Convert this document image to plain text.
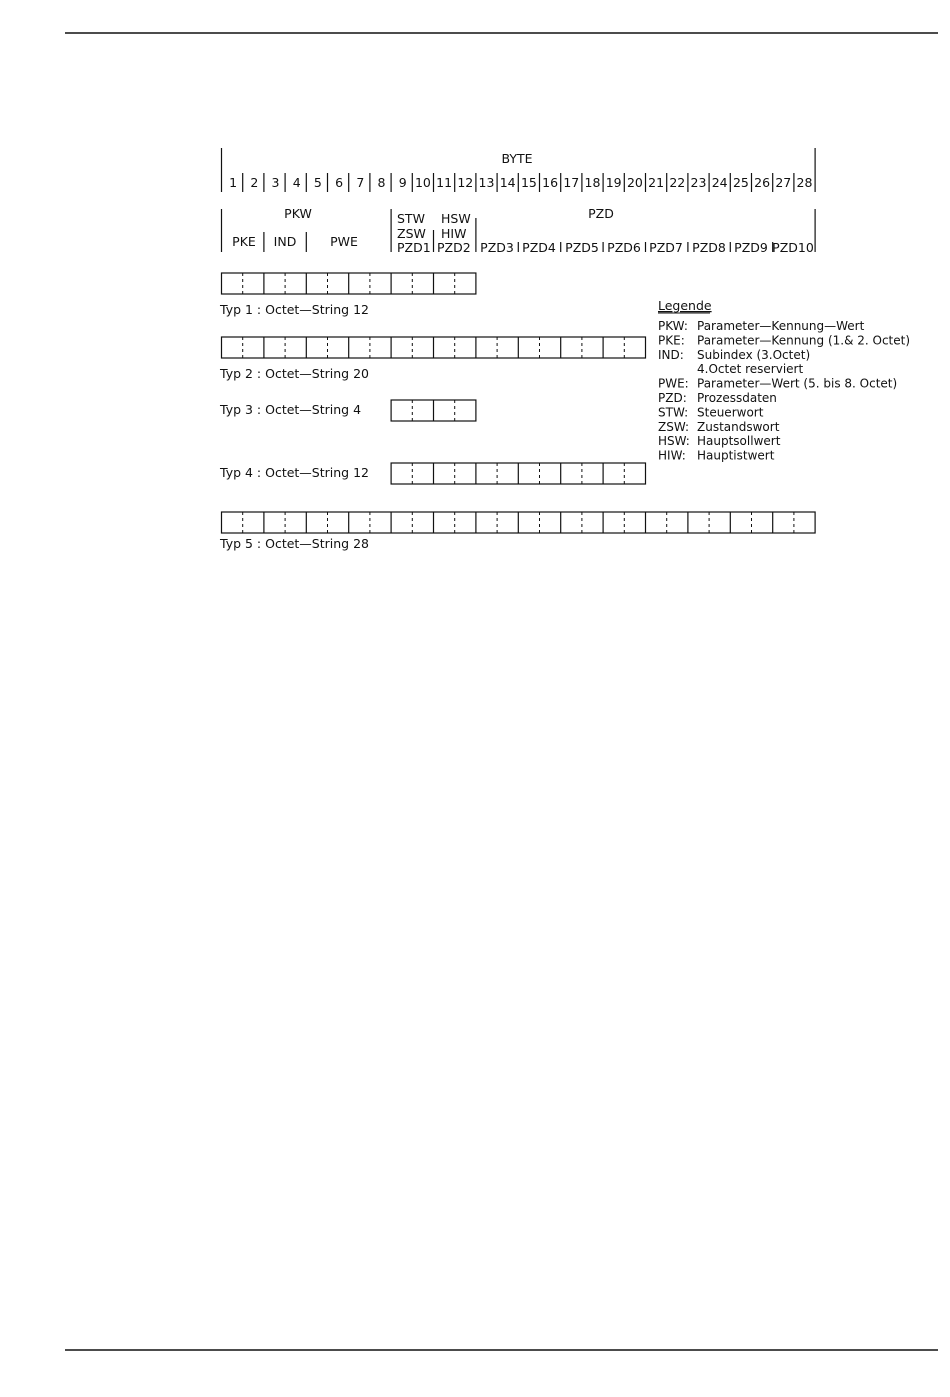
BYTE
1 2 3 4 5 6 7 8 9 10 11 12 13 14 15 16 17 18 19 20 21 22 23 24 25 26 27 28
PKW
PKE IND	PWE
PZD
STW
ZSW
PZD1
HSW
HIW
PZD2 PZD3 PZD4 PZD5 PZD6 PZD7 PZD8 PZD9 PZD10
Typ 1 : Octet—String 12
Typ 2 : Octet—String 20
Typ 3 : Octet—String 4
Typ 4 : Octet—String 12
Typ 5 : Octet—String 28
Legende
PKW: Parameter—Kennung—Wert
PKE: Parameter—Kennung (1.& 2. Octet)
IND: Subindex (3.Octet)
4.Octet reserviert
PWE: Parameter—Wert (5. bis 8. Octet)
PZD: Prozessdaten
STW: Steuerwort
ZSW: Zustandswort
HSW: Hauptsollwert
HIW: Hauptistwert
